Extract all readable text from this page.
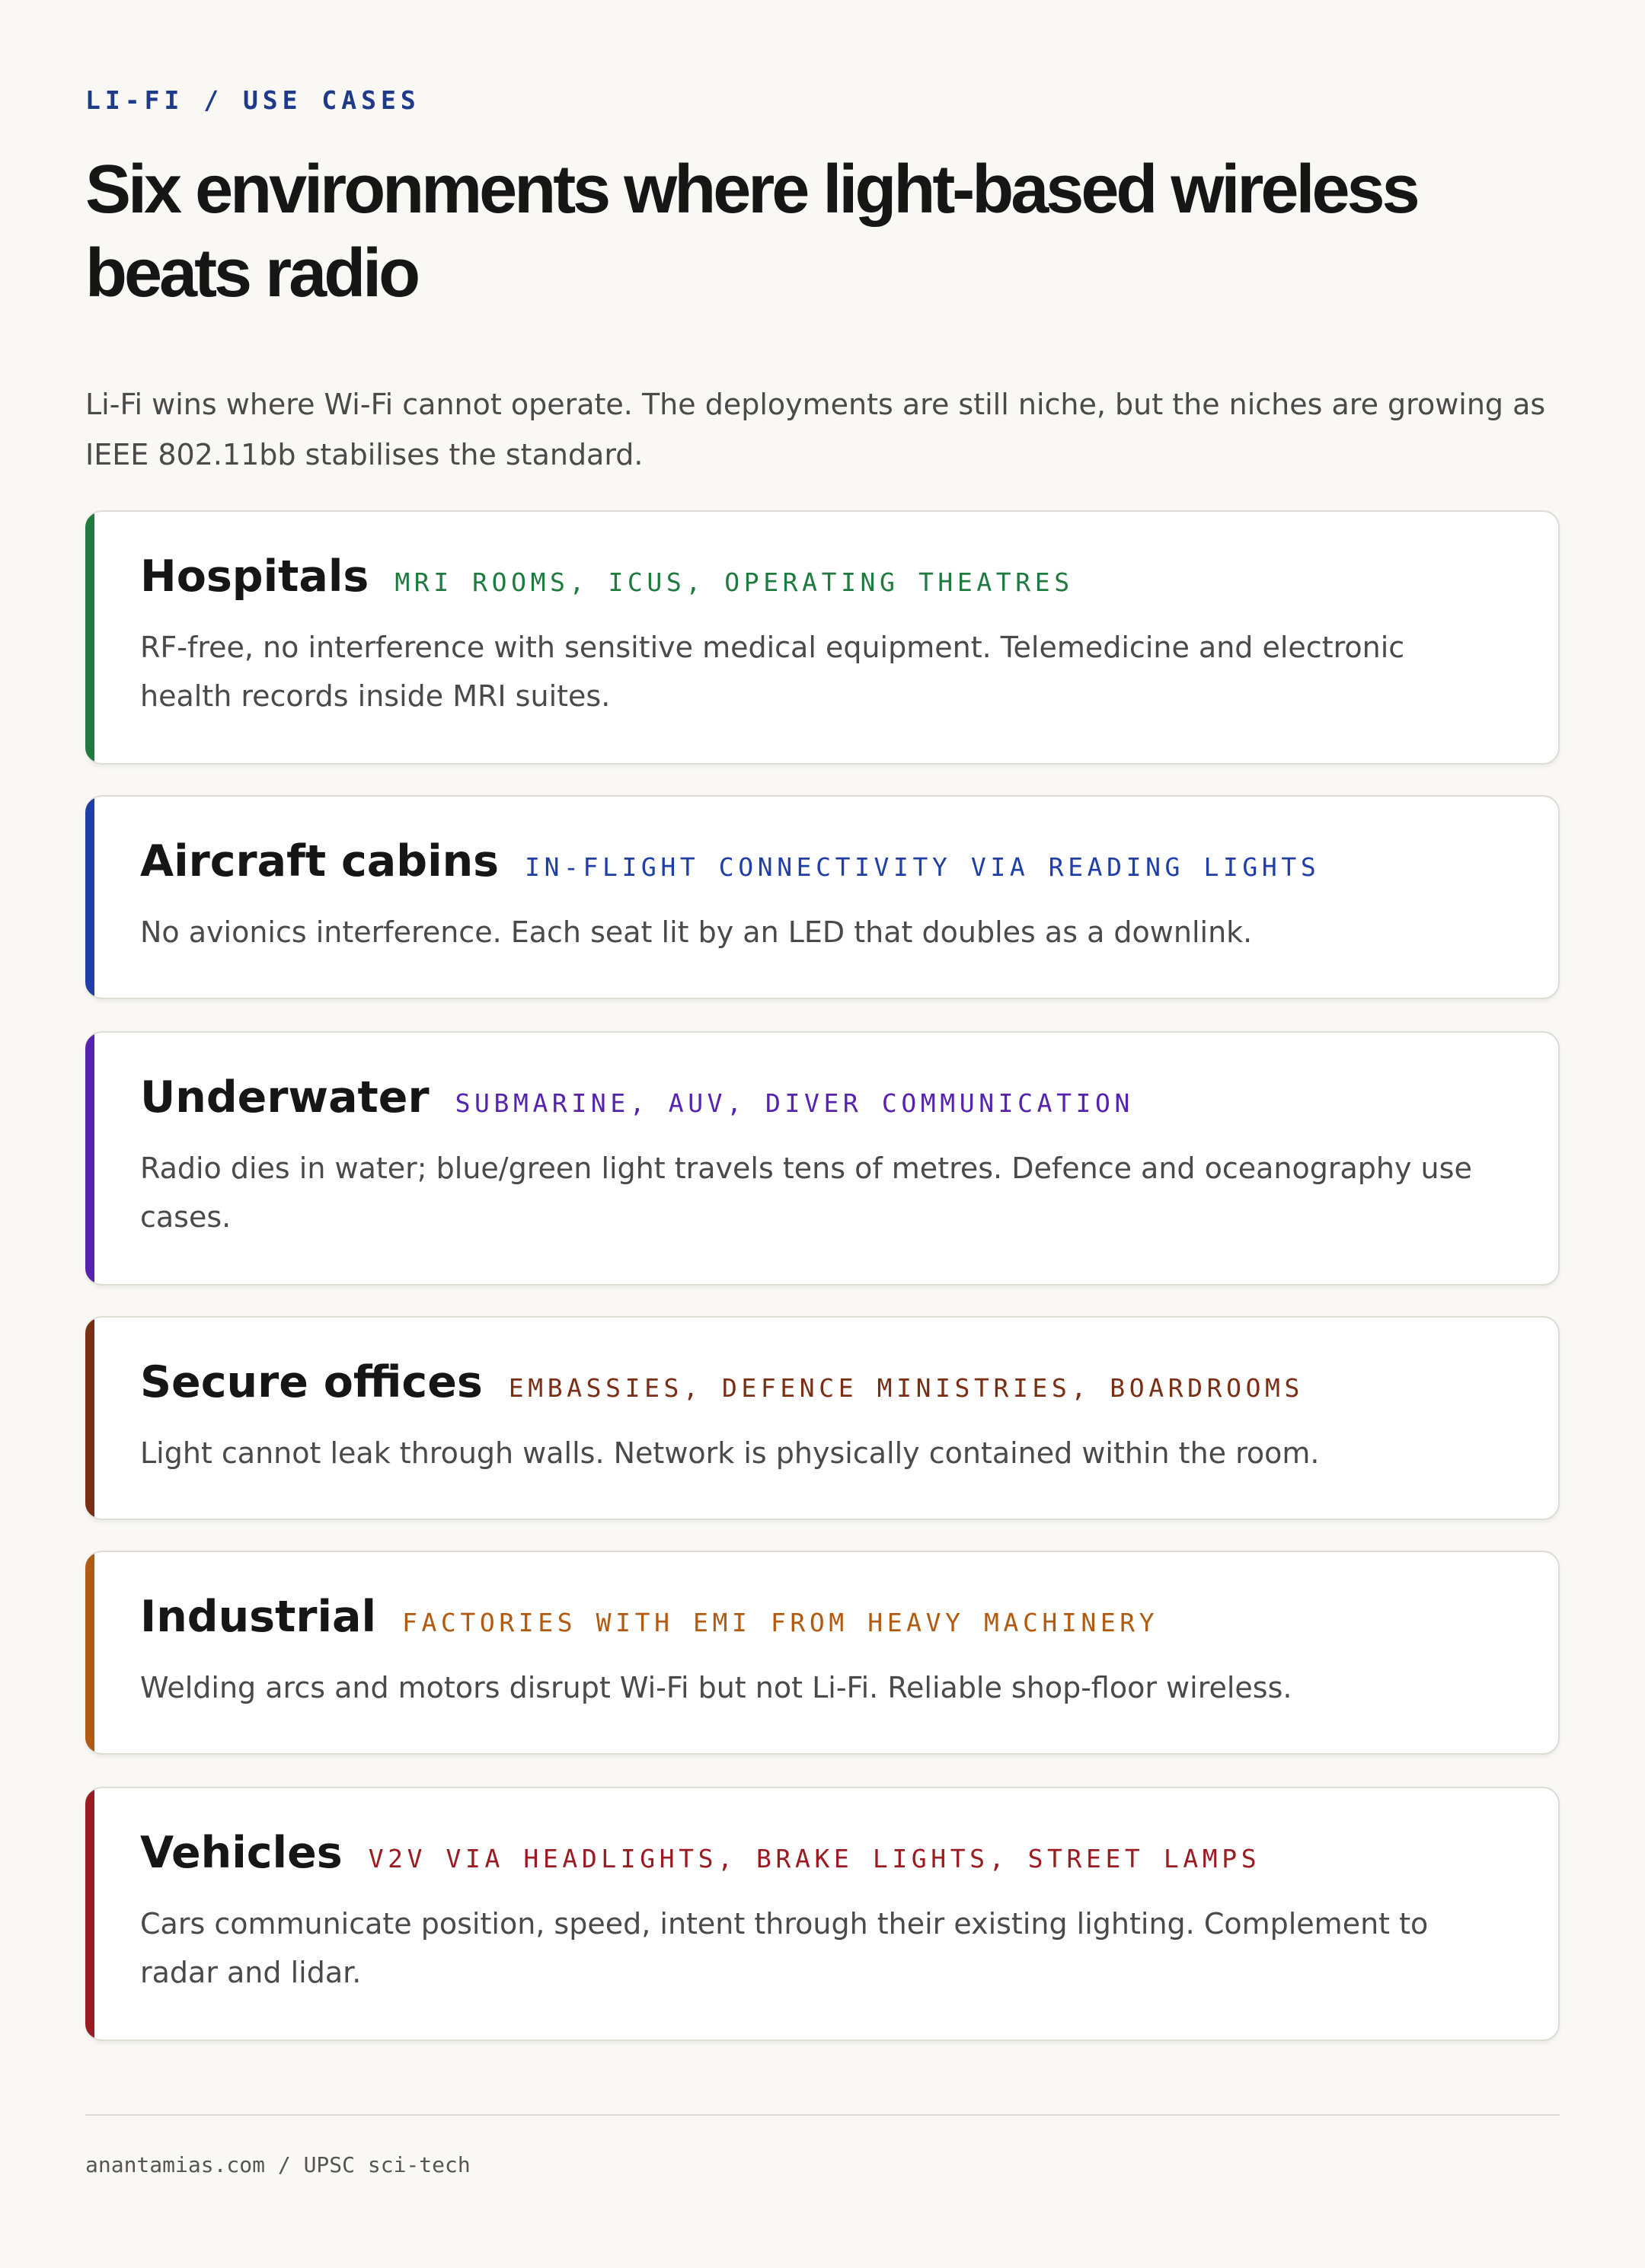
LI-FI / USE CASES
Six environments where light-based wireless beats radio

Li-Fi wins where Wi-Fi cannot operate. The deployments are still niche, but the niches are growing as IEEE 802.11bb stabilises the standard.

Hospitals MRI ROOMS, ICUS, OPERATING THEATRES

RF-free, no interference with sensitive medical equipment. Telemedicine and electronic health records inside MRI suites.

Aircraft cabins IN-FLIGHT CONNECTIVITY VIA READING LIGHTS

No avionics interference. Each seat lit by an LED that doubles as a downlink.

Underwater SUBMARINE, AUV, DIVER COMMUNICATION

Radio dies in water; blue/green light travels tens of metres. Defence and oceanography use cases.

Secure offices EMBASSIES, DEFENCE MINISTRIES, BOARDROOMS

Light cannot leak through walls. Network is physically contained within the room.

Industrial FACTORIES WITH EMI FROM HEAVY MACHINERY

Welding arcs and motors disrupt Wi-Fi but not Li-Fi. Reliable shop-floor wireless.

Vehicles V2V VIA HEADLIGHTS, BRAKE LIGHTS, STREET LAMPS

Cars communicate position, speed, intent through their existing lighting. Complement to radar and lidar.

anantamias.com / UPSC sci-tech
